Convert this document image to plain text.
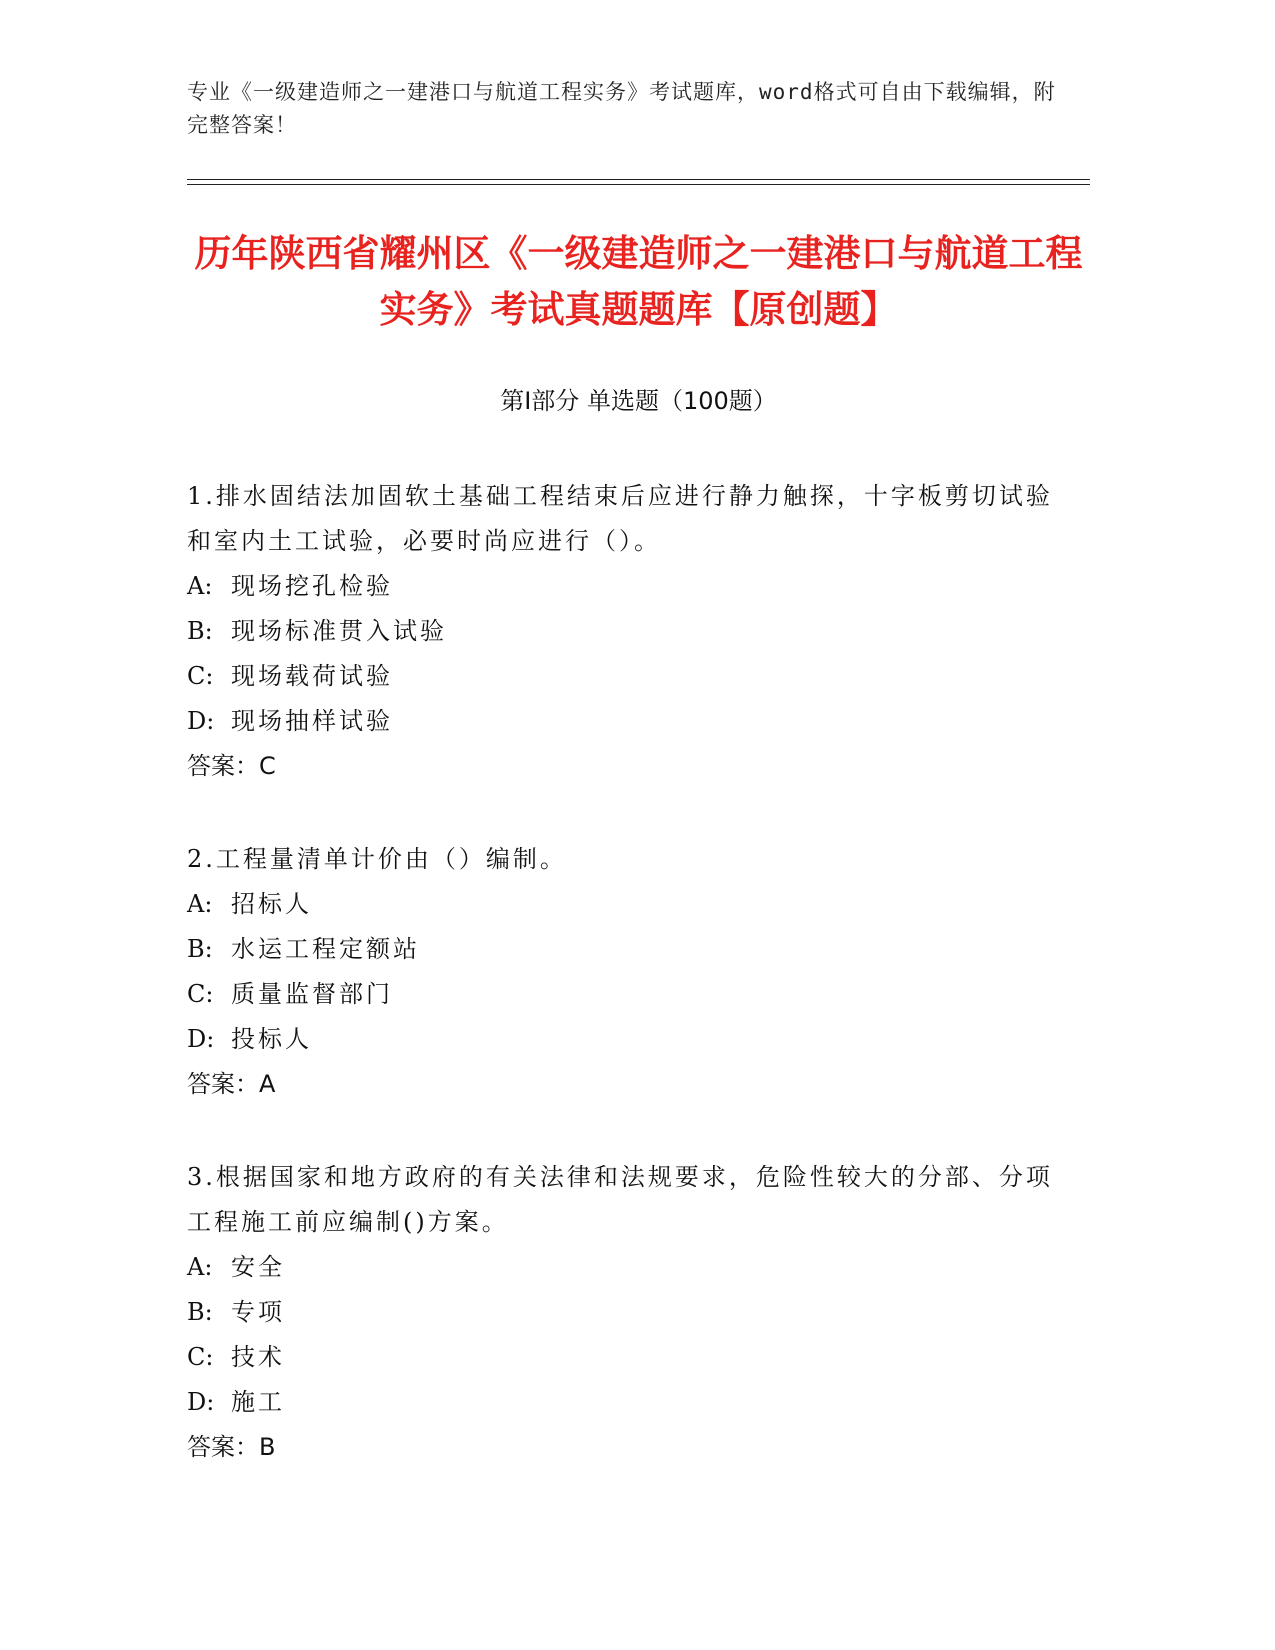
专业《一级建造师之一建港口与航道工程实务》考试题库，word格式可自由下载编辑，附完整答案！
历年陕西省耀州区《一级建造师之一建港口与航道工程实务》考试真题题库【原创题】
第Ⅰ部分 单选题（100题）

1.排水固结法加固软土基础工程结束后应进行静力触探，十字板剪切试验和室内土工试验，必要时尚应进行（）。

A: 现场挖孔检验

B: 现场标准贯入试验

C: 现场载荷试验

D: 现场抽样试验

答案：C

2.工程量清单计价由（）编制。

A: 招标人

B: 水运工程定额站

C: 质量监督部门

D: 投标人

答案：A

3.根据国家和地方政府的有关法律和法规要求，危险性较大的分部、分项工程施工前应编制()方案。

A: 安全

B: 专项

C: 技术

D: 施工

答案：B
